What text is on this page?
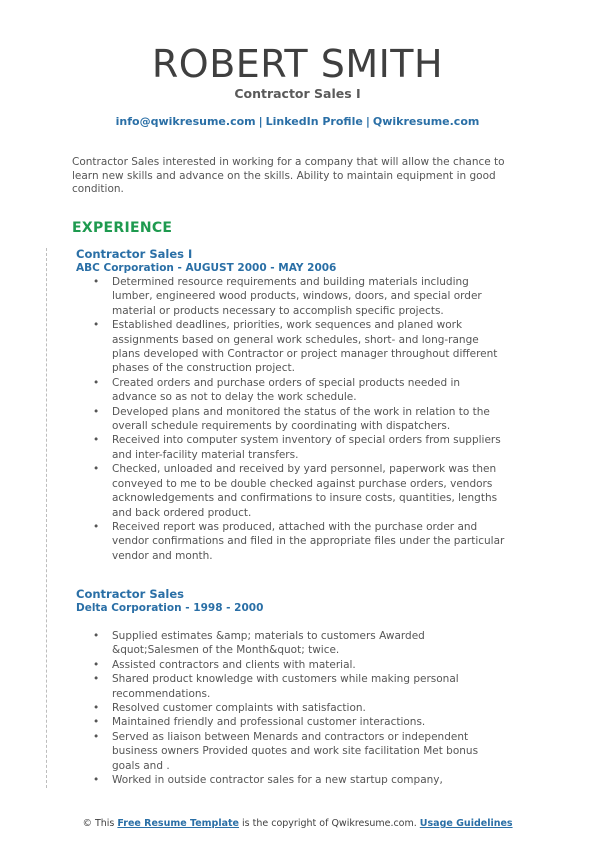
ROBERT SMITH
Contractor Sales I
info@qwikresume.com | LinkedIn Profile | Qwikresume.com
Contractor Sales interested in working for a company that will allow the chance to learn new skills and advance on the skills. Ability to maintain equipment in good condition.
EXPERIENCE
Contractor Sales I
ABC Corporation - AUGUST 2000 - MAY 2006
• Determined resource requirements and building materials including lumber, engineered wood products, windows, doors, and special order material or products necessary to accomplish specific projects.
• Established deadlines, priorities, work sequences and planed work assignments based on general work schedules, short- and long-range plans developed with Contractor or project manager throughout different phases of the construction project.
• Created orders and purchase orders of special products needed in advance so as not to delay the work schedule.
• Developed plans and monitored the status of the work in relation to the overall schedule requirements by coordinating with dispatchers.
• Received into computer system inventory of special orders from suppliers and inter-facility material transfers.
• Checked, unloaded and received by yard personnel, paperwork was then conveyed to me to be double checked against purchase orders, vendors acknowledgements and confirmations to insure costs, quantities, lengths and back ordered product.
• Received report was produced, attached with the purchase order and vendor confirmations and filed in the appropriate files under the particular vendor and month.
Contractor Sales
Delta Corporation - 1998 - 2000
• Supplied estimates &amp; materials to customers Awarded &quot;Salesmen of the Month&quot; twice.
• Assisted contractors and clients with material.
• Shared product knowledge with customers while making personal recommendations.
• Resolved customer complaints with satisfaction.
• Maintained friendly and professional customer interactions.
• Served as liaison between Menards and contractors or independent business owners Provided quotes and work site facilitation Met bonus goals and .
• Worked in outside contractor sales for a new startup company,
© This Free Resume Template is the copyright of Qwikresume.com. Usage Guidelines
